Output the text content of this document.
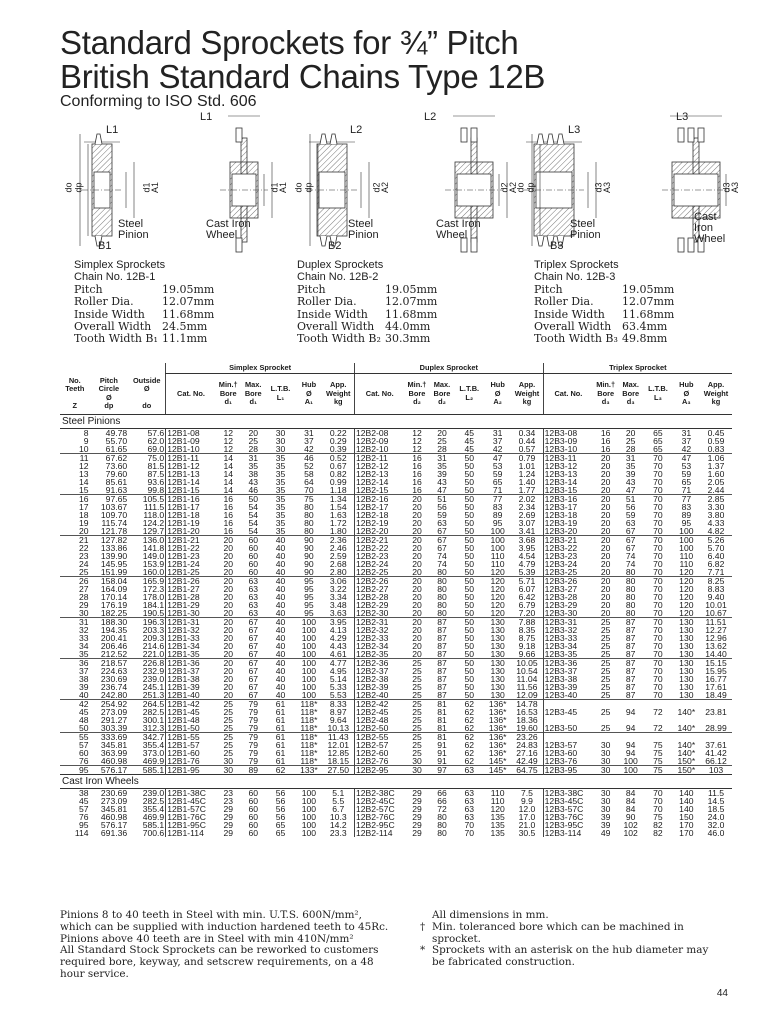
Standard Sprockets for ¾” Pitch
British Standard Chains Type 12B
Conforming to ISO Std. 606
Steel
Pinion
Cast Iron
Wheel
B1
L1
L1
do dp	d1
A1	d1
A1
Steel
Pinion
Cast Iron
Wheel
B2
L2
L2
do dp	d2
A2	d2
A2
Steel
Pinion
Cast
Iron
Wheel
B3
L3
L3
do dp	d3
A3	d3
A3
Simplex Sprockets
Chain No. 12B-1
Pitch	19.05mm
Roller Dia.	12.07mm
Inside Width	11.68mm
Overall Width 24.5mm
Tooth Width B₁ 11.1mm
Duplex Sprockets
Chain No. 12B-2
Pitch	19.05mm
Roller Dia.	12.07mm
Inside Width	11.68mm
Overall Width 44.0mm
Tooth Width B₂ 30.3mm
Triplex Sprockets
Chain No. 12B-3
Pitch	19.05mm
Roller Dia.	12.07mm
Inside Width	11.68mm
Overall Width 63.4mm
Tooth Width B₃ 49.8mm
			Simplex Sprocket						Duplex Sprocket						Triplex Sprocket					
No.
Teeth

Z	Pitch
Circle
Ø
dp	Outside
Ø

do	Cat. No.	Min.†
Bore
d₁	Max.
Bore
d₁	L.T.B.
L₁	Hub
Ø
A₁	App.
Weight
kg	Cat. No.	Min.†
Bore
d₂	Max.
Bore
d₂	L.T.B.
L₂	Hub
Ø
A₂	App.
Weight
kg	Cat. No.	Min.†
Bore
d₃	Max.
Bore
d₃	L.T.B.
L₃	Hub
Ø
A₃	App.
Weight
kg
Steel Pinions																				
8	49.78	57.6	12B1-08	12	20	30	31	0.22	12B2-08	12	20	45	31	0.34	12B3-08	16	20	65	31	0.45
9	55.70	62.0	12B1-09	12	25	30	37	0.29	12B2-09	12	25	45	37	0.44	12B3-09	16	25	65	37	0.59
10	61.65	69.0	12B1-10	12	28	30	42	0.39	12B2-10	12	28	45	42	0.57	12B3-10	16	28	65	42	0.83
11	67.62	75.0	12B1-11	14	31	35	46	0.52	12B2-11	16	31	50	47	0.79	12B3-11	20	31	70	47	1.06
12	73.60	81.5	12B1-12	14	35	35	52	0.67	12B2-12	16	35	50	53	1.01	12B3-12	20	35	70	53	1.37
13	79.60	87.5	12B1-13	14	38	35	58	0.82	12B2-13	16	39	50	59	1.24	12B3-13	20	39	70	59	1.60
14	85.61	93.6	12B1-14	14	43	35	64	0.99	12B2-14	16	43	50	65	1.40	12B3-14	20	43	70	65	2.05
15	91.63	99.8	12B1-15	14	46	35	70	1.18	12B2-15	16	47	50	71	1.77	12B3-15	20	47	70	71	2.44
16	97.65	105.5	12B1-16	16	50	35	75	1.34	12B2-16	20	51	50	77	2.02	12B3-16	20	51	70	77	2.85
17	103.67	111.5	12B1-17	16	54	35	80	1.54	12B2-17	20	56	50	83	2.34	12B3-17	20	56	70	83	3.30
18	109.70	118.0	12B1-18	16	54	35	80	1.63	12B2-18	20	59	50	89	2.69	12B3-18	20	59	70	89	3.80
19	115.74	124.2	12B1-19	16	54	35	80	1.72	12B2-19	20	63	50	95	3.07	12B3-19	20	63	70	95	4.33
20	121.78	129.7	12B1-20	16	54	35	80	1.80	12B2-20	20	67	50	100	3.41	12B3-20	20	67	70	100	4.82
21	127.82	136.0	12B1-21	20	60	40	90	2.36	12B2-21	20	67	50	100	3.68	12B3-21	20	67	70	100	5.26
22	133.86	141.8	12B1-22	20	60	40	90	2.46	12B2-22	20	67	50	100	3.95	12B3-22	20	67	70	100	5.70
23	139.90	149.0	12B1-23	20	60	40	90	2.59	12B2-23	20	74	50	110	4.54	12B3-23	20	74	70	110	6.40
24	145.95	153.9	12B1-24	20	60	40	90	2.68	12B2-24	20	74	50	110	4.79	12B3-24	20	74	70	110	6.82
25	151.99	160.0	12B1-25	20	60	40	90	2.80	12B2-25	20	80	50	120	5.39	12B3-25	20	80	70	120	7.71
26	158.04	165.9	12B1-26	20	63	40	95	3.06	12B2-26	20	80	50	120	5.71	12B3-26	20	80	70	120	8.25
27	164.09	172.3	12B1-27	20	63	40	95	3.22	12B2-27	20	80	50	120	6.07	12B3-27	20	80	70	120	8.83
28	170.14	178.0	12B1-28	20	63	40	95	3.34	12B2-28	20	80	50	120	6.42	12B3-28	20	80	70	120	9.40
29	176.19	184.1	12B1-29	20	63	40	95	3.48	12B2-29	20	80	50	120	6.79	12B3-29	20	80	70	120	10.01
30	182.25	190.5	12B1-30	20	63	40	95	3.63	12B2-30	20	80	50	120	7.20	12B3-30	20	80	70	120	10.67
31	188.30	196.3	12B1-31	20	67	40	100	3.95	12B2-31	20	87	50	130	7.88	12B3-31	25	87	70	130	11.51
32	194.35	203.3	12B1-32	20	67	40	100	4.13	12B2-32	20	87	50	130	8.35	12B3-32	25	87	70	130	12.27
33	200.41	209.3	12B1-33	20	67	40	100	4.29	12B2-33	20	87	50	130	8.75	12B3-33	25	87	70	130	12.96
34	206.46	214.6	12B1-34	20	67	40	100	4.43	12B2-34	20	87	50	130	9.18	12B3-34	25	87	70	130	13.62
35	212.52	221.0	12B1-35	20	67	40	100	4.61	12B2-35	20	87	50	130	9.66	12B3-35	25	87	70	130	14.40
36	218.57	226.8	12B1-36	20	67	40	100	4.77	12B2-36	25	87	50	130	10.05	12B3-36	25	87	70	130	15.15
37	224.63	232.9	12B1-37	20	67	40	100	4.95	12B2-37	25	87	50	130	10.54	12B3-37	25	87	70	130	15.95
38	230.69	239.0	12B1-38	20	67	40	100	5.14	12B2-38	25	87	50	130	11.04	12B3-38	25	87	70	130	16.77
39	236.74	245.1	12B1-39	20	67	40	100	5.33	12B2-39	25	87	50	130	11.56	12B3-39	25	87	70	130	17.61
40	242.80	251.3	12B1-40	20	67	40	100	5.53	12B2-40	25	87	50	130	12.09	12B3-40	25	87	70	130	18.49
42	254.92	264.5	12B1-42	25	79	61	118*	8.33	12B2-42	25	81	62	136*	14.78						
45	273.09	282.5	12B1-45	25	79	61	118*	8.97	12B2-45	25	81	62	136*	16.53	12B3-45	25	94	72	140*	23.81
48	291.27	300.1	12B1-48	25	79	61	118*	9.64	12B2-48	25	81	62	136*	18.36						
50	303.39	312.3	12B1-50	25	79	61	118*	10.13	12B2-50	25	81	62	136*	19.60	12B3-50	25	94	72	140*	28.99
55	333.69	342.7	12B1-55	25	79	61	118*	11.43	12B2-55	25	81	62	136*	23.26						
57	345.81	355.4	12B1-57	25	79	61	118*	12.01	12B2-57	25	91	62	136*	24.83	12B3-57	30	94	75	140*	37.61
60	363.99	373.0	12B1-60	25	79	61	118*	12.85	12B2-60	25	91	62	136*	27.16	12B3-60	30	94	75	140*	41.42
76	460.98	469.9	12B1-76	30	79	61	118*	18.15	12B2-76	30	91	62	145*	42.49	12B3-76	30	100	75	150*	66.12
95	576.17	585.1	12B1-95	30	89	62	133*	27.50	12B2-95	30	97	63	145*	64.75	12B3-95	30	100	75	150*	103
Cast Iron Wheels																				
38	230.69	239.0	12B1-38C	23	60	56	100	5.1	12B2-38C	29	66	63	110	7.5	12B3-38C	30	84	70	140	11.5
45	273.09	282.5	12B1-45C	23	60	56	100	5.5	12B2-45C	29	66	63	110	9.9	12B3-45C	30	84	70	140	14.5
57	345.81	355.4	12B1-57C	29	60	56	100	6.7	12B2-57C	29	72	63	120	12.0	12B3-57C	30	84	70	140	18.5
76	460.98	469.9	12B1-76C	29	60	56	100	10.3	12B2-76C	29	80	63	135	17.0	12B3-76C	39	90	75	150	24.0
95	576.17	585.1	12B1-95C	29	60	65	100	14.2	12B2-95C	29	80	70	135	21.0	12B3-95C	39	102	82	170	32.0
114	691.36	700.6	12B1-114	29	60	65	100	23.3	12B2-114	29	80	70	135	30.5	12B3-114	49	102	82	170	46.0
Pinions 8 to 40 teeth in Steel with min. U.T.S. 600N/mm²,
which can be supplied with induction hardened teeth to 45Rc.
Pinions above 40 teeth are in Steel with min 410N/mm²
All Standard Stock Sprockets can be reworked to customers
required bore, keyway, and setscrew requirements, on a 48
hour service.
All dimensions in mm.
† Min. toleranced bore which can be machined in sprocket.
* Sprockets with an asterisk on the hub diameter may be fabricated construction.
44
